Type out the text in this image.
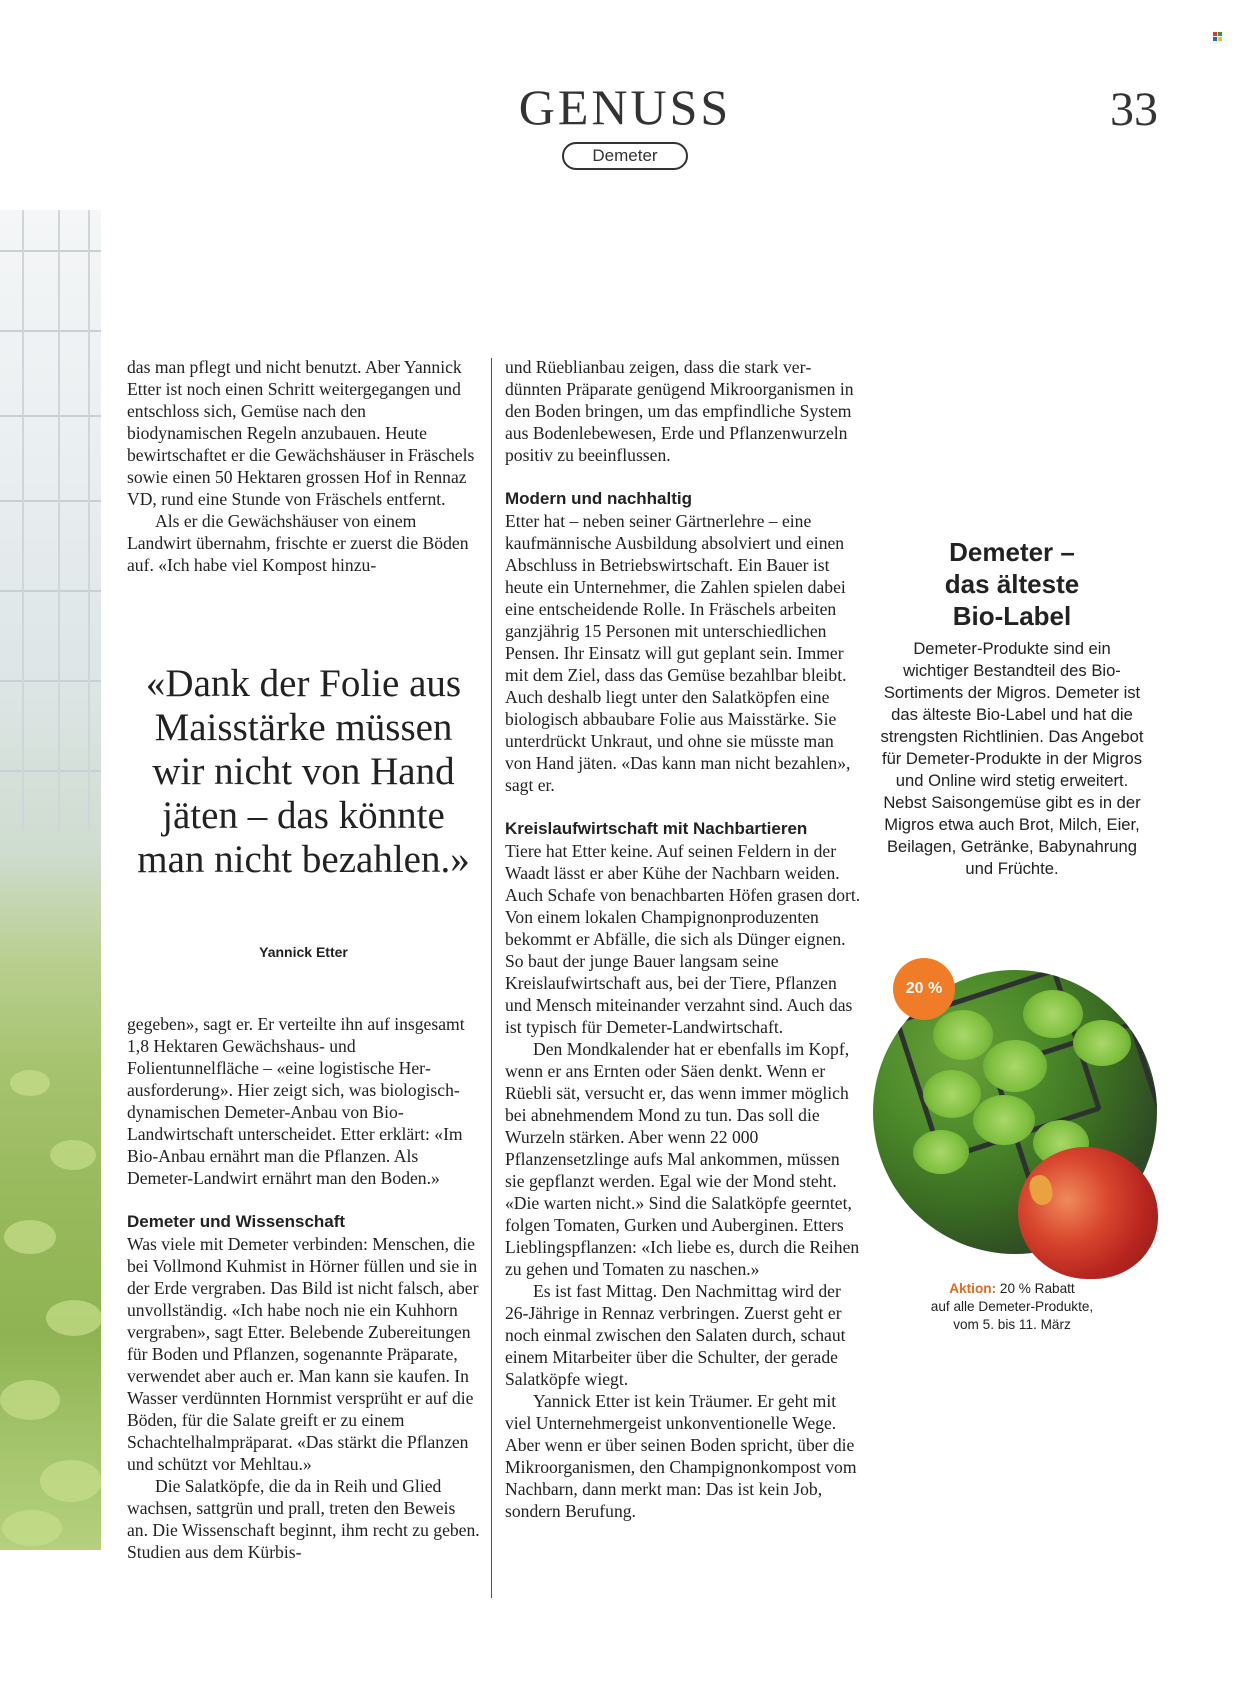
GENUSS
Demeter
33

das man pflegt und nicht benutzt. Aber Yannick Etter ist noch einen Schritt weitergegangen und entschloss sich, Gemüse nach den biodynamischen Regeln anzubauen. Heute bewirtschaftet er die Gewächshäuser in Fräschels sowie einen 50 Hektaren grossen Hof in Rennaz VD, rund eine Stunde von Fräschels entfernt.

Als er die Gewächshäuser von einem Landwirt übernahm, frischte er zuerst die Böden auf. «Ich habe viel Kompost hinzu-

«Dank der Folie aus Maisstärke müssen wir nicht von Hand jäten – das könnte man nicht bezahlen.»
Yannick Etter

gegeben», sagt er. Er verteilte ihn auf insgesamt 1,8 Hektaren Gewächshaus- und Folientunnelfläche – «eine logistische Herausforderung». Hier zeigt sich, was biologisch-dynamischen Demeter-Anbau von Bio-Landwirtschaft unterscheidet. Etter erklärt: «Im Bio-Anbau ernährt man die Pflanzen. Als Demeter-Landwirt ernährt man den Boden.»

Demeter und Wissenschaft

Was viele mit Demeter verbinden: Menschen, die bei Vollmond Kuhmist in Hörner füllen und sie in der Erde vergraben. Das Bild ist nicht falsch, aber unvollständig. «Ich habe noch nie ein Kuhhorn vergraben», sagt Etter. Belebende Zubereitungen für Boden und Pflanzen, sogenannte Präparate, verwendet aber auch er. Man kann sie kaufen. In Wasser verdünnten Hornmist versprüht er auf die Böden, für die Salate greift er zu einem Schachtelhalmpräparat. «Das stärkt die Pflanzen und schützt vor Mehltau.»

Die Salatköpfe, die da in Reih und Glied wachsen, sattgrün und prall, treten den Beweis an. Die Wissenschaft beginnt, ihm recht zu geben. Studien aus dem Kürbis-

und Rüeblianbau zeigen, dass die stark verdünnten Präparate genügend Mikroorganismen in den Boden bringen, um das empfindliche System aus Bodenlebewesen, Erde und Pflanzenwurzeln positiv zu beeinflussen.

Modern und nachhaltig

Etter hat – neben seiner Gärtnerlehre – eine kaufmännische Ausbildung absolviert und einen Abschluss in Betriebswirtschaft. Ein Bauer ist heute ein Unternehmer, die Zahlen spielen dabei eine entscheidende Rolle. In Fräschels arbeiten ganzjährig 15 Personen mit unterschiedlichen Pensen. Ihr Einsatz will gut geplant sein. Immer mit dem Ziel, dass das Gemüse bezahlbar bleibt. Auch deshalb liegt unter den Salatköpfen eine biologisch abbaubare Folie aus Maisstärke. Sie unterdrückt Unkraut, und ohne sie müsste man von Hand jäten. «Das kann man nicht bezahlen», sagt er.

Kreislaufwirtschaft mit Nachbartieren

Tiere hat Etter keine. Auf seinen Feldern in der Waadt lässt er aber Kühe der Nachbarn weiden. Auch Schafe von benachbarten Höfen grasen dort. Von einem lokalen Champignonproduzenten bekommt er Abfälle, die sich als Dünger eignen. So baut der junge Bauer langsam seine Kreislaufwirtschaft aus, bei der Tiere, Pflanzen und Mensch miteinander verzahnt sind. Auch das ist typisch für Demeter-Landwirtschaft.

Den Mondkalender hat er ebenfalls im Kopf, wenn er ans Ernten oder Säen denkt. Wenn er Rüebli sät, versucht er, das wenn immer möglich bei abnehmendem Mond zu tun. Das soll die Wurzeln stärken. Aber wenn 22 000 Pflanzensetzlinge aufs Mal ankommen, müssen sie gepflanzt werden. Egal wie der Mond steht. «Die warten nicht.» Sind die Salatköpfe geerntet, folgen Tomaten, Gurken und Auberginen. Etters Lieblingspflanzen: «Ich liebe es, durch die Reihen zu gehen und Tomaten zu naschen.»

Es ist fast Mittag. Den Nachmittag wird der 26-Jährige in Rennaz verbringen. Zuerst geht er noch einmal zwischen den Salaten durch, schaut einem Mitarbeiter über die Schulter, der gerade Salatköpfe wiegt.

Yannick Etter ist kein Träumer. Er geht mit viel Unternehmergeist unkonventionelle Wege. Aber wenn er über seinen Boden spricht, über die Mikroorganismen, den Champignonkompost vom Nachbarn, dann merkt man: Das ist kein Job, sondern Berufung.

Demeter –
das älteste
Bio-Label
Demeter-Produkte sind ein wichtiger Bestandteil des Bio-Sortiments der Migros. Demeter ist das älteste Bio-Label und hat die strengsten Richtlinien. Das Angebot für Demeter-Produkte in der Migros und Online wird stetig erweitert. Nebst Saisongemüse gibt es in der Migros etwa auch Brot, Milch, Eier, Beilagen, Getränke, Babynahrung und Früchte.
20 %
Aktion: 20 % Rabatt
auf alle Demeter-Produkte,
vom 5. bis 11. März
